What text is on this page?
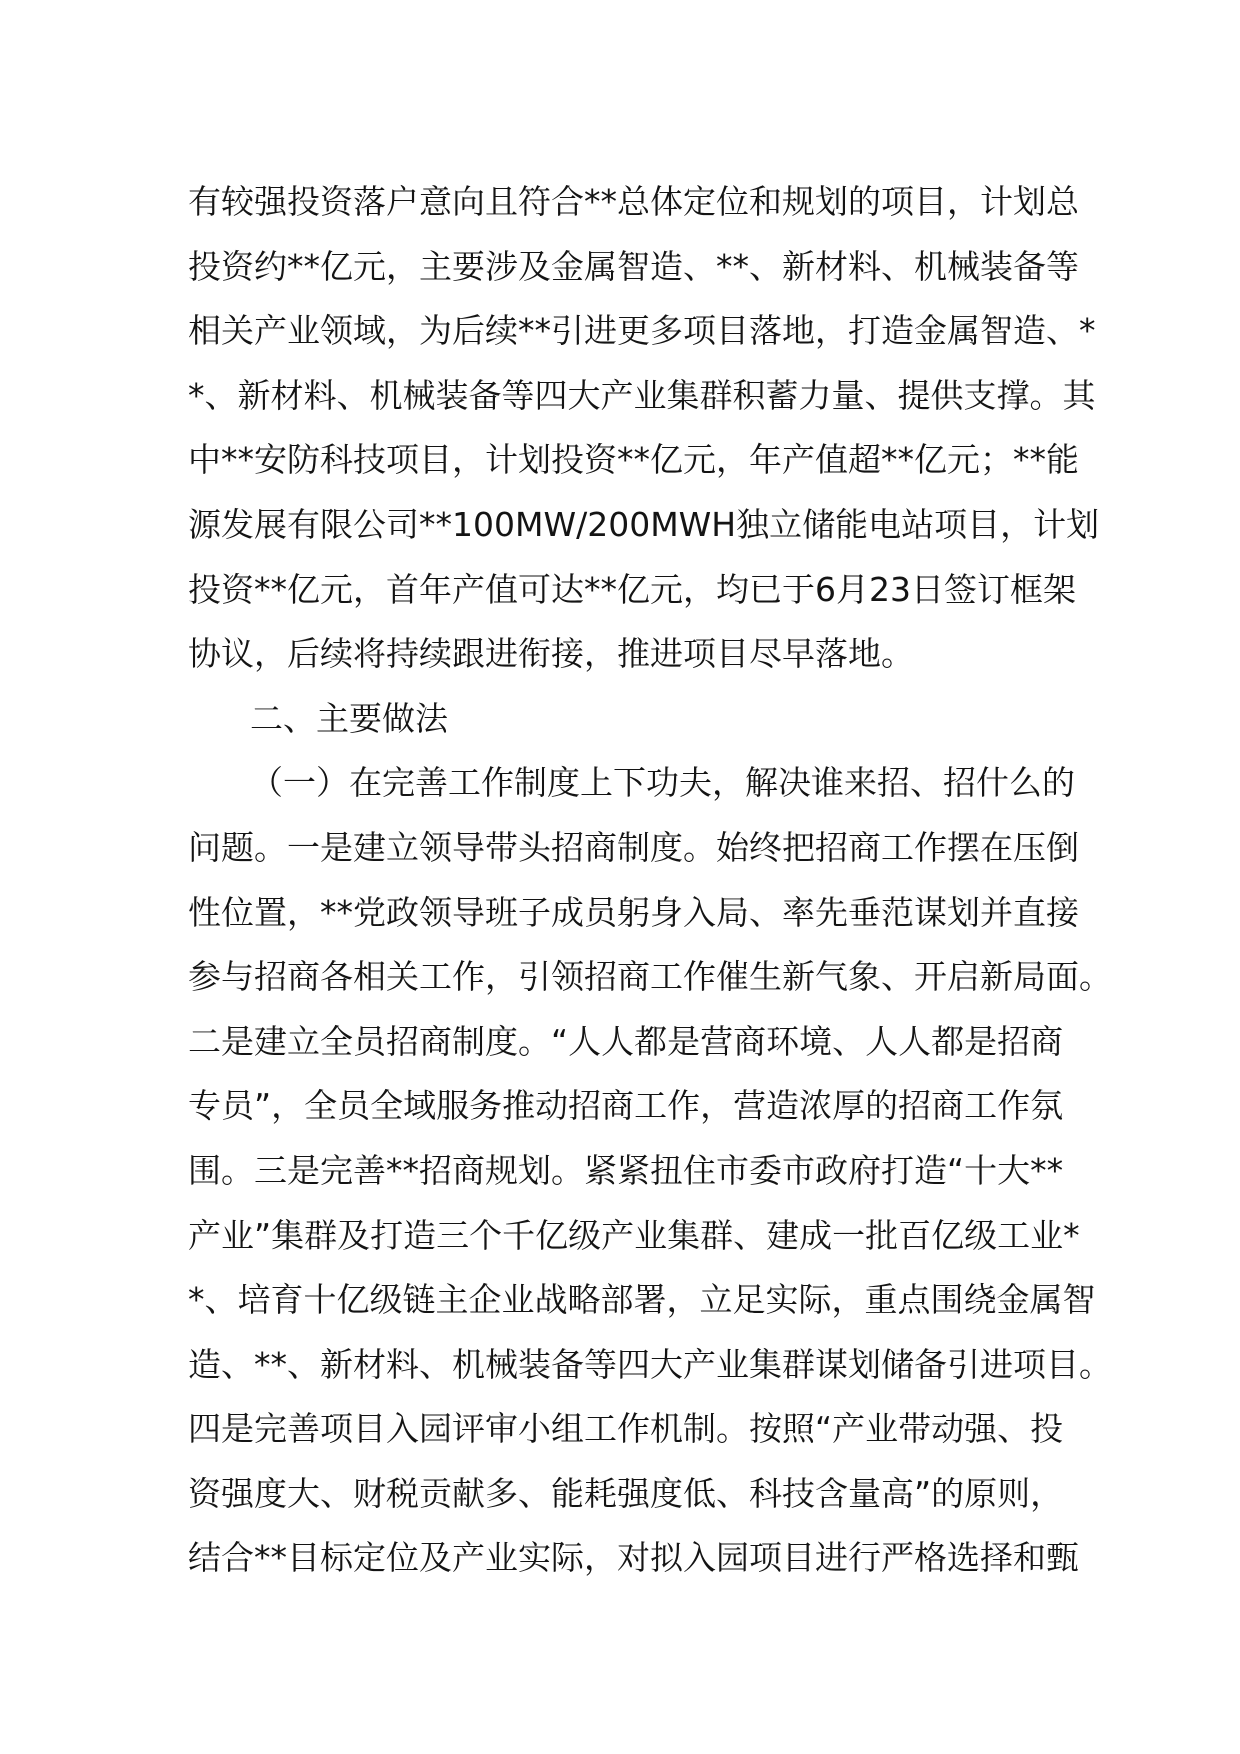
有较强投资落户意向且符合**总体定位和规划的项目，计划总
投资约**亿元，主要涉及金属智造、**、新材料、机械装备等
相关产业领域，为后续**引进更多项目落地，打造金属智造、*
*、新材料、机械装备等四大产业集群积蓄力量、提供支撑。其
中**安防科技项目，计划投资**亿元，年产值超**亿元；**能
源发展有限公司**100MW/200MWH独立储能电站项目，计划
投资**亿元，首年产值可达**亿元，均已于6月23日签订框架
协议，后续将持续跟进衔接，推进项目尽早落地。
二、主要做法
（一）在完善工作制度上下功夫，解决谁来招、招什么的
问题。一是建立领导带头招商制度。始终把招商工作摆在压倒
性位置，**党政领导班子成员躬身入局、率先垂范谋划并直接
参与招商各相关工作，引领招商工作催生新气象、开启新局面。
二是建立全员招商制度。“人人都是营商环境、人人都是招商
专员”，全员全域服务推动招商工作，营造浓厚的招商工作氛
围。三是完善**招商规划。紧紧扭住市委市政府打造“十大**
产业”集群及打造三个千亿级产业集群、建成一批百亿级工业*
*、培育十亿级链主企业战略部署，立足实际，重点围绕金属智
造、**、新材料、机械装备等四大产业集群谋划储备引进项目。
四是完善项目入园评审小组工作机制。按照“产业带动强、投
资强度大、财税贡献多、能耗强度低、科技含量高”的原则，
结合**目标定位及产业实际，对拟入园项目进行严格选择和甄
